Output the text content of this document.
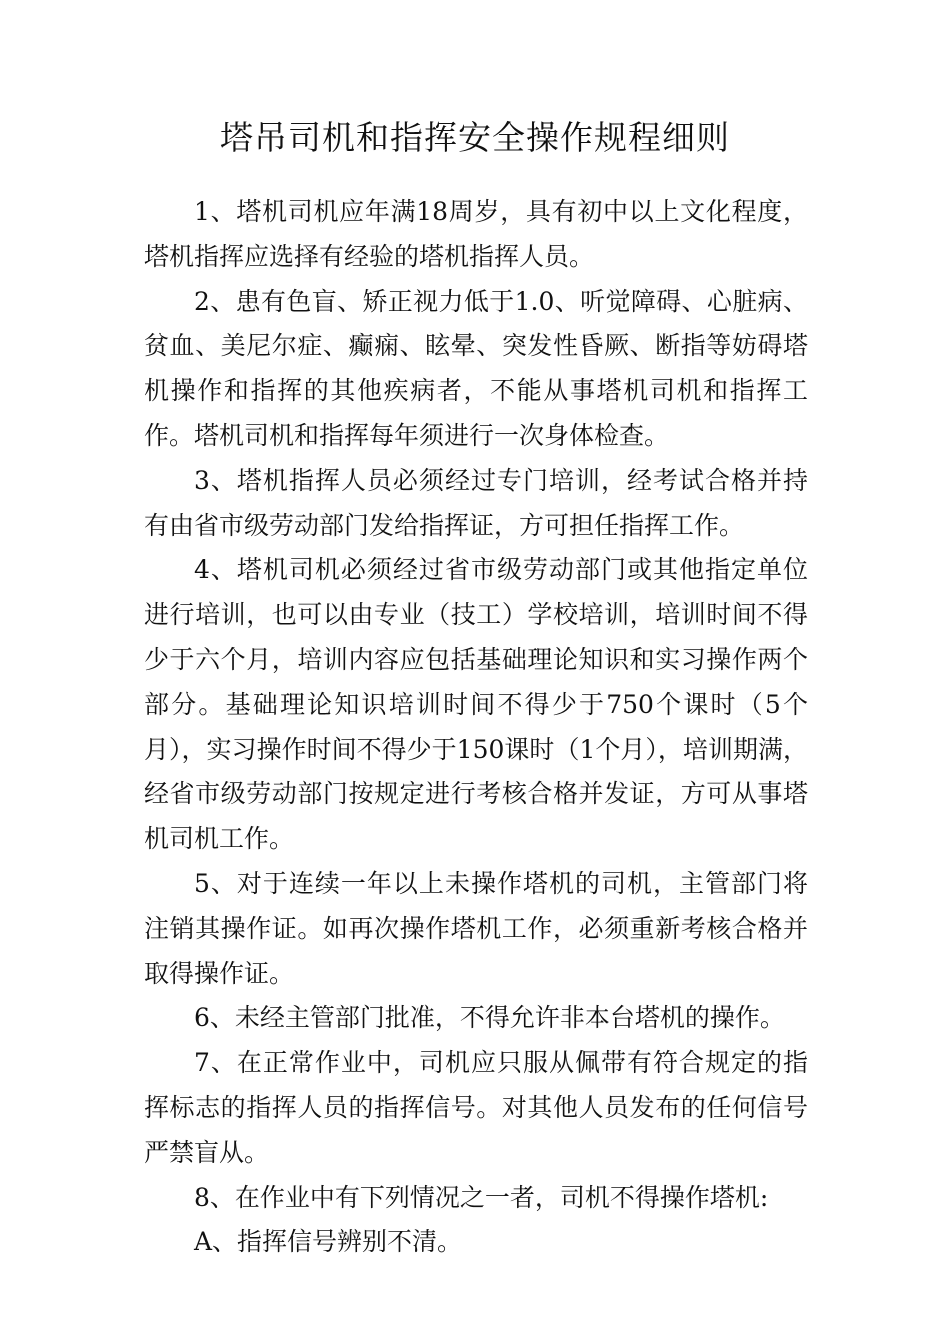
塔吊司机和指挥安全操作规程细则

1、塔机司机应年满18周岁，具有初中以上文化程度，塔机指挥应选择有经验的塔机指挥人员。

2、患有色盲、矫正视力低于1.0、听觉障碍、心脏病、贫血、美尼尔症、癫痫、眩晕、突发性昏厥、断指等妨碍塔机操作和指挥的其他疾病者，不能从事塔机司机和指挥工作。塔机司机和指挥每年须进行一次身体检查。

3、塔机指挥人员必须经过专门培训，经考试合格并持有由省市级劳动部门发给指挥证，方可担任指挥工作。

4、塔机司机必须经过省市级劳动部门或其他指定单位进行培训，也可以由专业（技工）学校培训，培训时间不得少于六个月，培训内容应包括基础理论知识和实习操作两个部分。基础理论知识培训时间不得少于750个课时（5个月），实习操作时间不得少于150课时（1个月），培训期满，经省市级劳动部门按规定进行考核合格并发证，方可从事塔机司机工作。

5、对于连续一年以上未操作塔机的司机，主管部门将注销其操作证。如再次操作塔机工作，必须重新考核合格并取得操作证。

6、未经主管部门批准，不得允许非本台塔机的操作。

7、在正常作业中，司机应只服从佩带有符合规定的指挥标志的指挥人员的指挥信号。对其他人员发布的任何信号严禁盲从。

8、在作业中有下列情况之一者，司机不得操作塔机:

A、指挥信号辨别不清。
